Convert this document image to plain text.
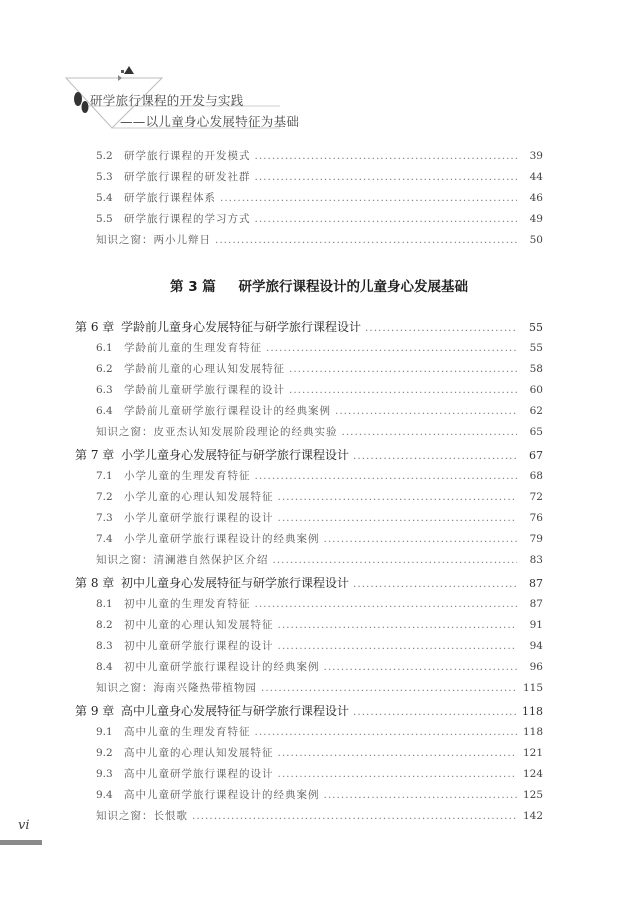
研学旅行课程的开发与实践
——以儿童身心发展特征为基础
5.2	研学旅行课程的开发模式 .....	39
5.3	研学旅行课程的研发社群 .....	44
5.4	研学旅行课程体系 .....	46
5.5	研学旅行课程的学习方式 .....	49
知识之窗：两小儿辩日 .....	50
第 3 篇 研学旅行课程设计的儿童身心发展基础
第 6 章 学龄前儿童身心发展特征与研学旅行课程设计 .....	55
6.1	学龄前儿童的生理发育特征 .....	55
6.2	学龄前儿童的心理认知发展特征 .....	58
6.3	学龄前儿童研学旅行课程的设计 .....	60
6.4	学龄前儿童研学旅行课程设计的经典案例 .....	62
知识之窗：皮亚杰认知发展阶段理论的经典实验 .....	65
第 7 章 小学儿童身心发展特征与研学旅行课程设计 .....	67
7.1	小学儿童的生理发育特征 .....	68
7.2	小学儿童的心理认知发展特征 .....	72
7.3	小学儿童研学旅行课程的设计 .....	76
7.4	小学儿童研学旅行课程设计的经典案例 .....	79
知识之窗：清澜港自然保护区介绍 .....	83
第 8 章 初中儿童身心发展特征与研学旅行课程设计 .....	87
8.1	初中儿童的生理发育特征 .....	87
8.2	初中儿童的心理认知发展特征 .....	91
8.3	初中儿童研学旅行课程的设计 .....	94
8.4	初中儿童研学旅行课程设计的经典案例 .....	96
知识之窗：海南兴隆热带植物园 .....	115
第 9 章 高中儿童身心发展特征与研学旅行课程设计 .....	118
9.1	高中儿童的生理发育特征 .....	118
9.2	高中儿童的心理认知发展特征 .....	121
9.3	高中儿童研学旅行课程的设计 .....	124
9.4	高中儿童研学旅行课程设计的经典案例 .....	125
知识之窗：长恨歌 .....	142
vi
